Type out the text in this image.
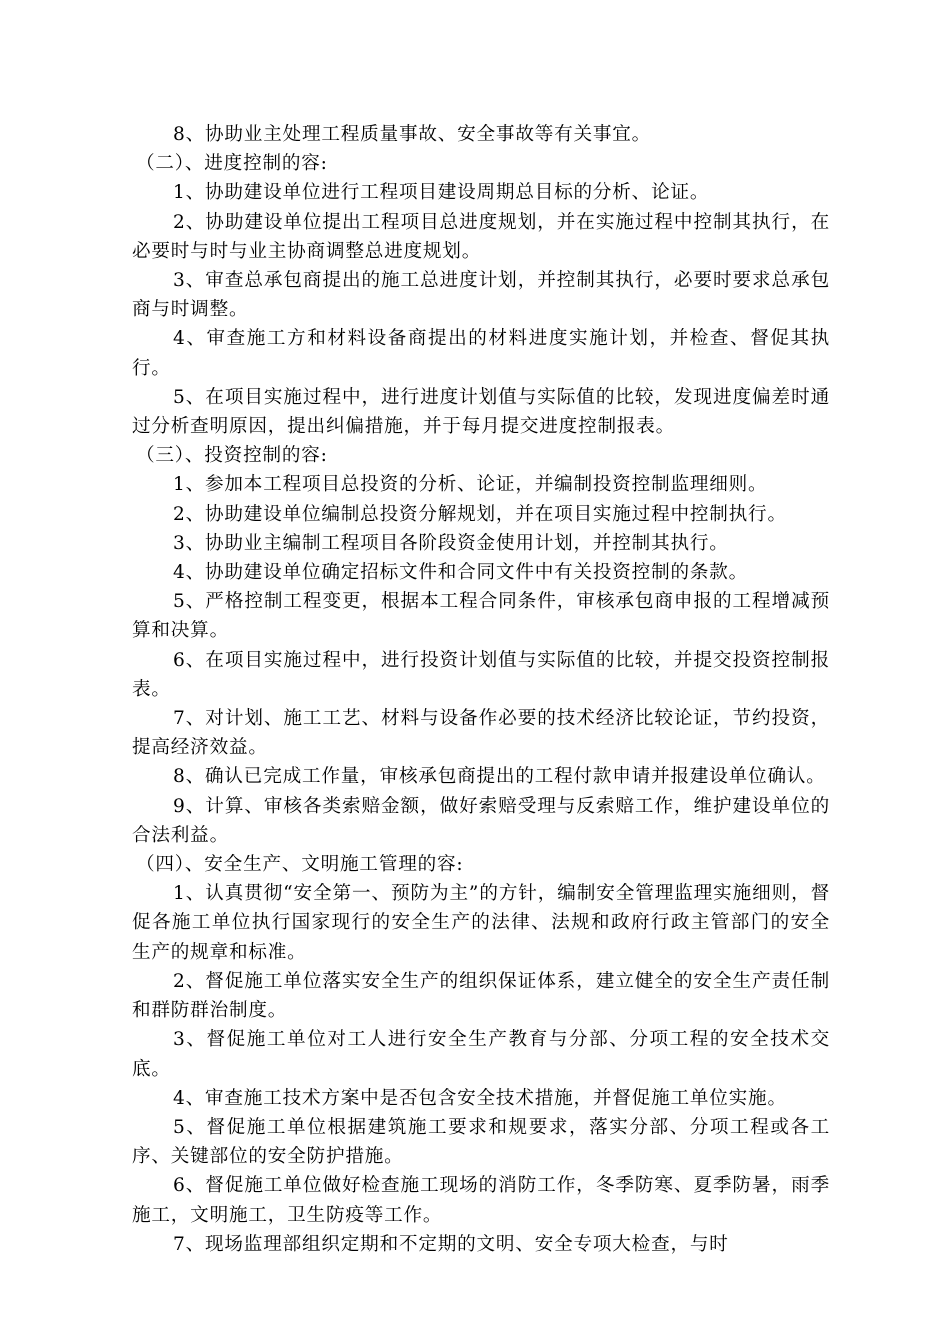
8、协助业主处理工程质量事故、安全事故等有关事宜。

（二）、进度控制的容:

1、协助建设单位进行工程项目建设周期总目标的分析、论证。

2、协助建设单位提出工程项目总进度规划，并在实施过程中控制其执行，在必要时与时与业主协商调整总进度规划。

3、审查总承包商提出的施工总进度计划，并控制其执行，必要时要求总承包商与时调整。

4、审查施工方和材料设备商提出的材料进度实施计划，并检查、督促其执行。

5、在项目实施过程中，进行进度计划值与实际值的比较，发现进度偏差时通过分析查明原因，提出纠偏措施，并于每月提交进度控制报表。

（三）、投资控制的容:

1、参加本工程项目总投资的分析、论证，并编制投资控制监理细则。

2、协助建设单位编制总投资分解规划，并在项目实施过程中控制执行。

3、协助业主编制工程项目各阶段资金使用计划，并控制其执行。

4、协助建设单位确定招标文件和合同文件中有关投资控制的条款。

5、严格控制工程变更，根据本工程合同条件，审核承包商申报的工程增减预算和决算。

6、在项目实施过程中，进行投资计划值与实际值的比较，并提交投资控制报表。

7、对计划、施工工艺、材料与设备作必要的技术经济比较论证，节约投资，提高经济效益。

8、确认已完成工作量，审核承包商提出的工程付款申请并报建设单位确认。

9、计算、审核各类索赔金额，做好索赔受理与反索赔工作，维护建设单位的合法利益。

（四）、安全生产、文明施工管理的容:

1、认真贯彻“安全第一、预防为主”的方针，编制安全管理监理实施细则，督促各施工单位执行国家现行的安全生产的法律、法规和政府行政主管部门的安全生产的规章和标准。

2、督促施工单位落实安全生产的组织保证体系，建立健全的安全生产责任制和群防群治制度。

3、督促施工单位对工人进行安全生产教育与分部、分项工程的安全技术交底。

4、审查施工技术方案中是否包含安全技术措施，并督促施工单位实施。

5、督促施工单位根据建筑施工要求和规要求，落实分部、分项工程或各工序、关键部位的安全防护措施。

6、督促施工单位做好检查施工现场的消防工作，冬季防寒、夏季防暑，雨季施工，文明施工，卫生防疫等工作。

7、现场监理部组织定期和不定期的文明、安全专项大检查，与时
